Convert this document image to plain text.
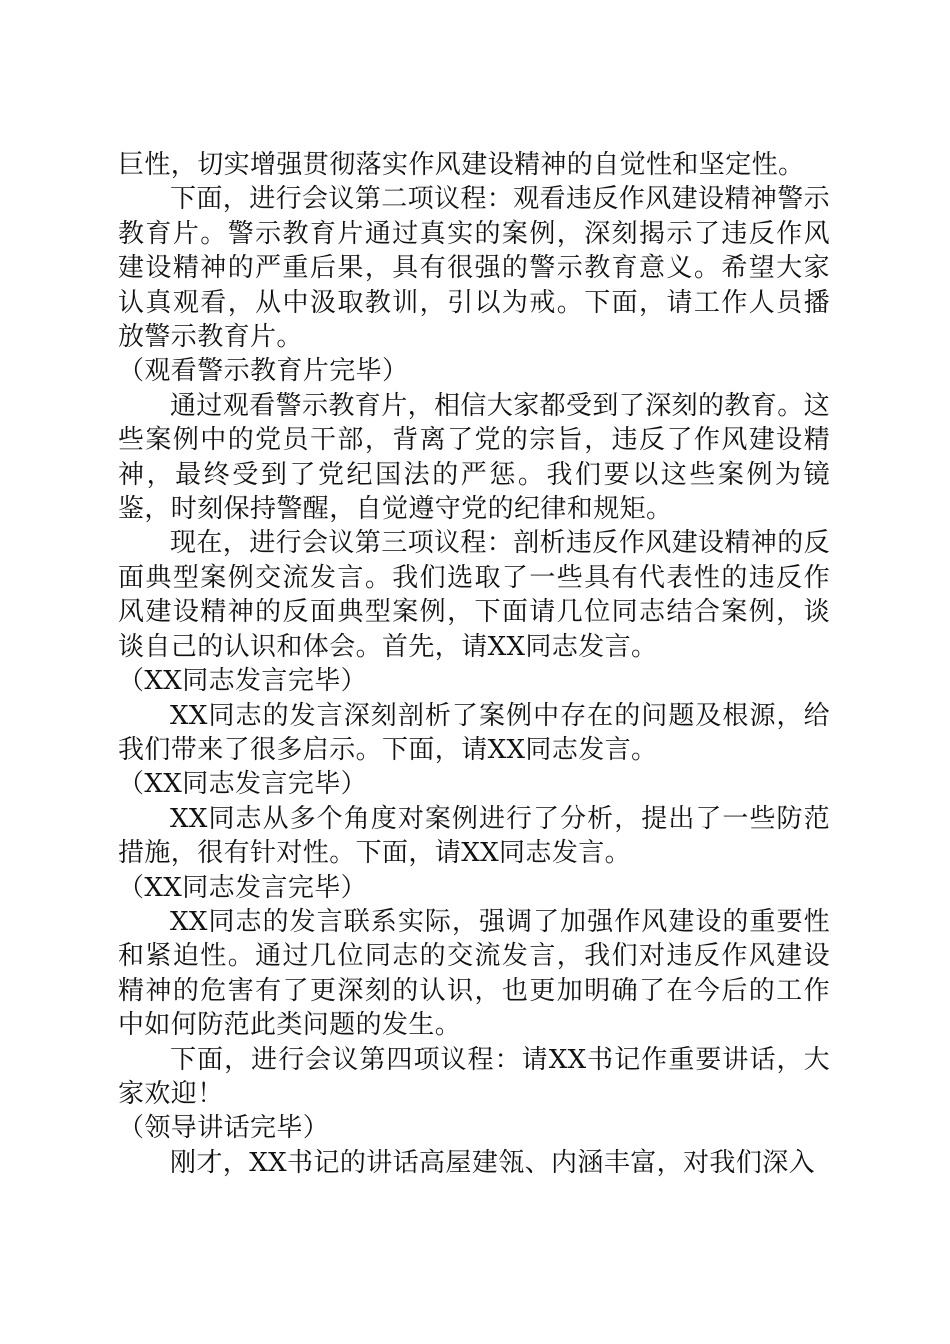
巨性，切实增强贯彻落实作风建设精神的自觉性和坚定性。

下面，进行会议第二项议程：观看违反作风建设精神警示教育片。警示教育片通过真实的案例，深刻揭示了违反作风建设精神的严重后果，具有很强的警示教育意义。希望大家认真观看，从中汲取教训，引以为戒。下面，请工作人员播放警示教育片。

（观看警示教育片完毕）

通过观看警示教育片，相信大家都受到了深刻的教育。这些案例中的党员干部，背离了党的宗旨，违反了作风建设精神，最终受到了党纪国法的严惩。我们要以这些案例为镜鉴，时刻保持警醒，自觉遵守党的纪律和规矩。

现在，进行会议第三项议程：剖析违反作风建设精神的反面典型案例交流发言。我们选取了一些具有代表性的违反作风建设精神的反面典型案例，下面请几位同志结合案例，谈谈自己的认识和体会。首先，请XX同志发言。

（XX同志发言完毕）

XX同志的发言深刻剖析了案例中存在的问题及根源，给我们带来了很多启示。下面，请XX同志发言。

（XX同志发言完毕）

XX同志从多个角度对案例进行了分析，提出了一些防范措施，很有针对性。下面，请XX同志发言。

（XX同志发言完毕）

XX同志的发言联系实际，强调了加强作风建设的重要性和紧迫性。通过几位同志的交流发言，我们对违反作风建设精神的危害有了更深刻的认识，也更加明确了在今后的工作中如何防范此类问题的发生。

下面，进行会议第四项议程：请XX书记作重要讲话，大家欢迎！

（领导讲话完毕）

刚才，XX书记的讲话高屋建瓴、内涵丰富，对我们深入
